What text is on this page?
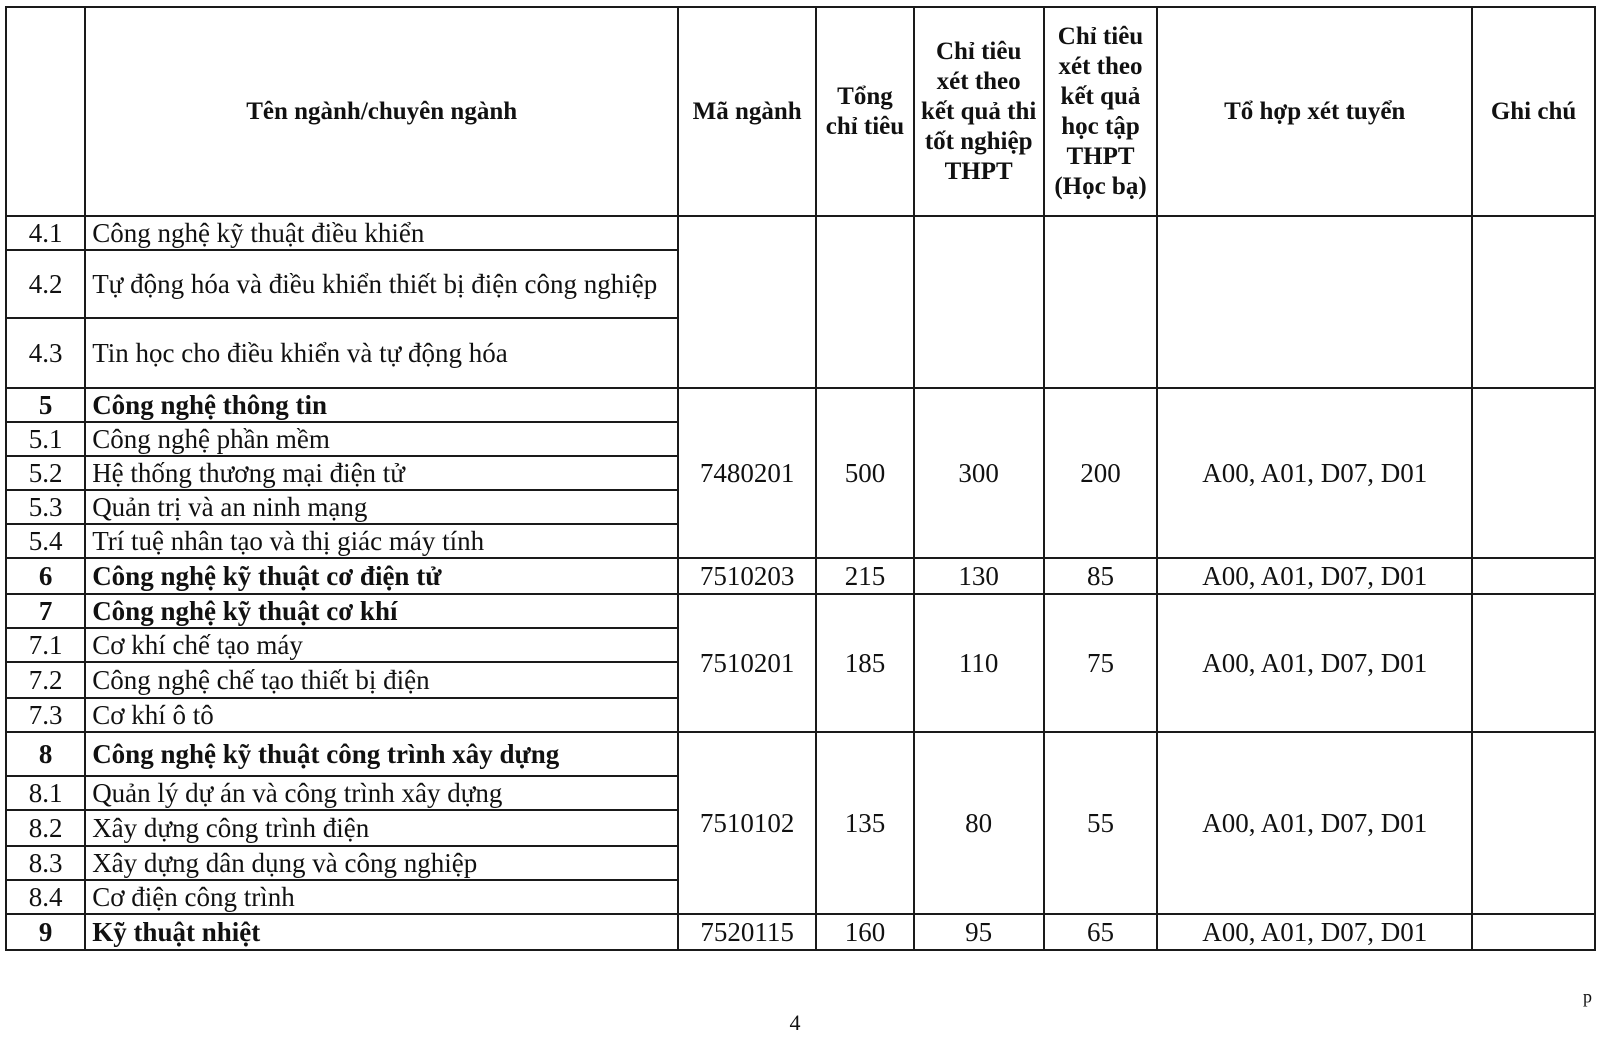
	Tên ngành/chuyên ngành	Mã ngành	Tổng chỉ tiêu	Chỉ tiêu xét theo kết quả thi tốt nghiệp THPT	Chỉ tiêu xét theo kết quả học tập THPT (Học bạ)	Tổ hợp xét tuyển	Ghi chú
4.1	Công nghệ kỹ thuật điều khiển						
4.2	Tự động hóa và điều khiển thiết bị điện công nghiệp						
4.3	Tin học cho điều khiển và tự động hóa						
5	Công nghệ thông tin	7480201	500	300	200	A00, A01, D07, D01	
5.1	Công nghệ phần mềm						
5.2	Hệ thống thương mại điện tử						
5.3	Quản trị và an ninh mạng						
5.4	Trí tuệ nhân tạo và thị giác máy tính						
6	Công nghệ kỹ thuật cơ điện tử	7510203	215	130	85	A00, A01, D07, D01	
7	Công nghệ kỹ thuật cơ khí	7510201	185	110	75	A00, A01, D07, D01	
7.1	Cơ khí chế tạo máy						
7.2	Công nghệ chế tạo thiết bị điện						
7.3	Cơ khí ô tô						
8	Công nghệ kỹ thuật công trình xây dựng	7510102	135	80	55	A00, A01, D07, D01	
8.1	Quản lý dự án và công trình xây dựng						
8.2	Xây dựng công trình điện						
8.3	Xây dựng dân dụng và công nghiệp						
8.4	Cơ điện công trình						
9	Kỹ thuật nhiệt	7520115	160	95	65	A00, A01, D07, D01	
ᵖ
4
